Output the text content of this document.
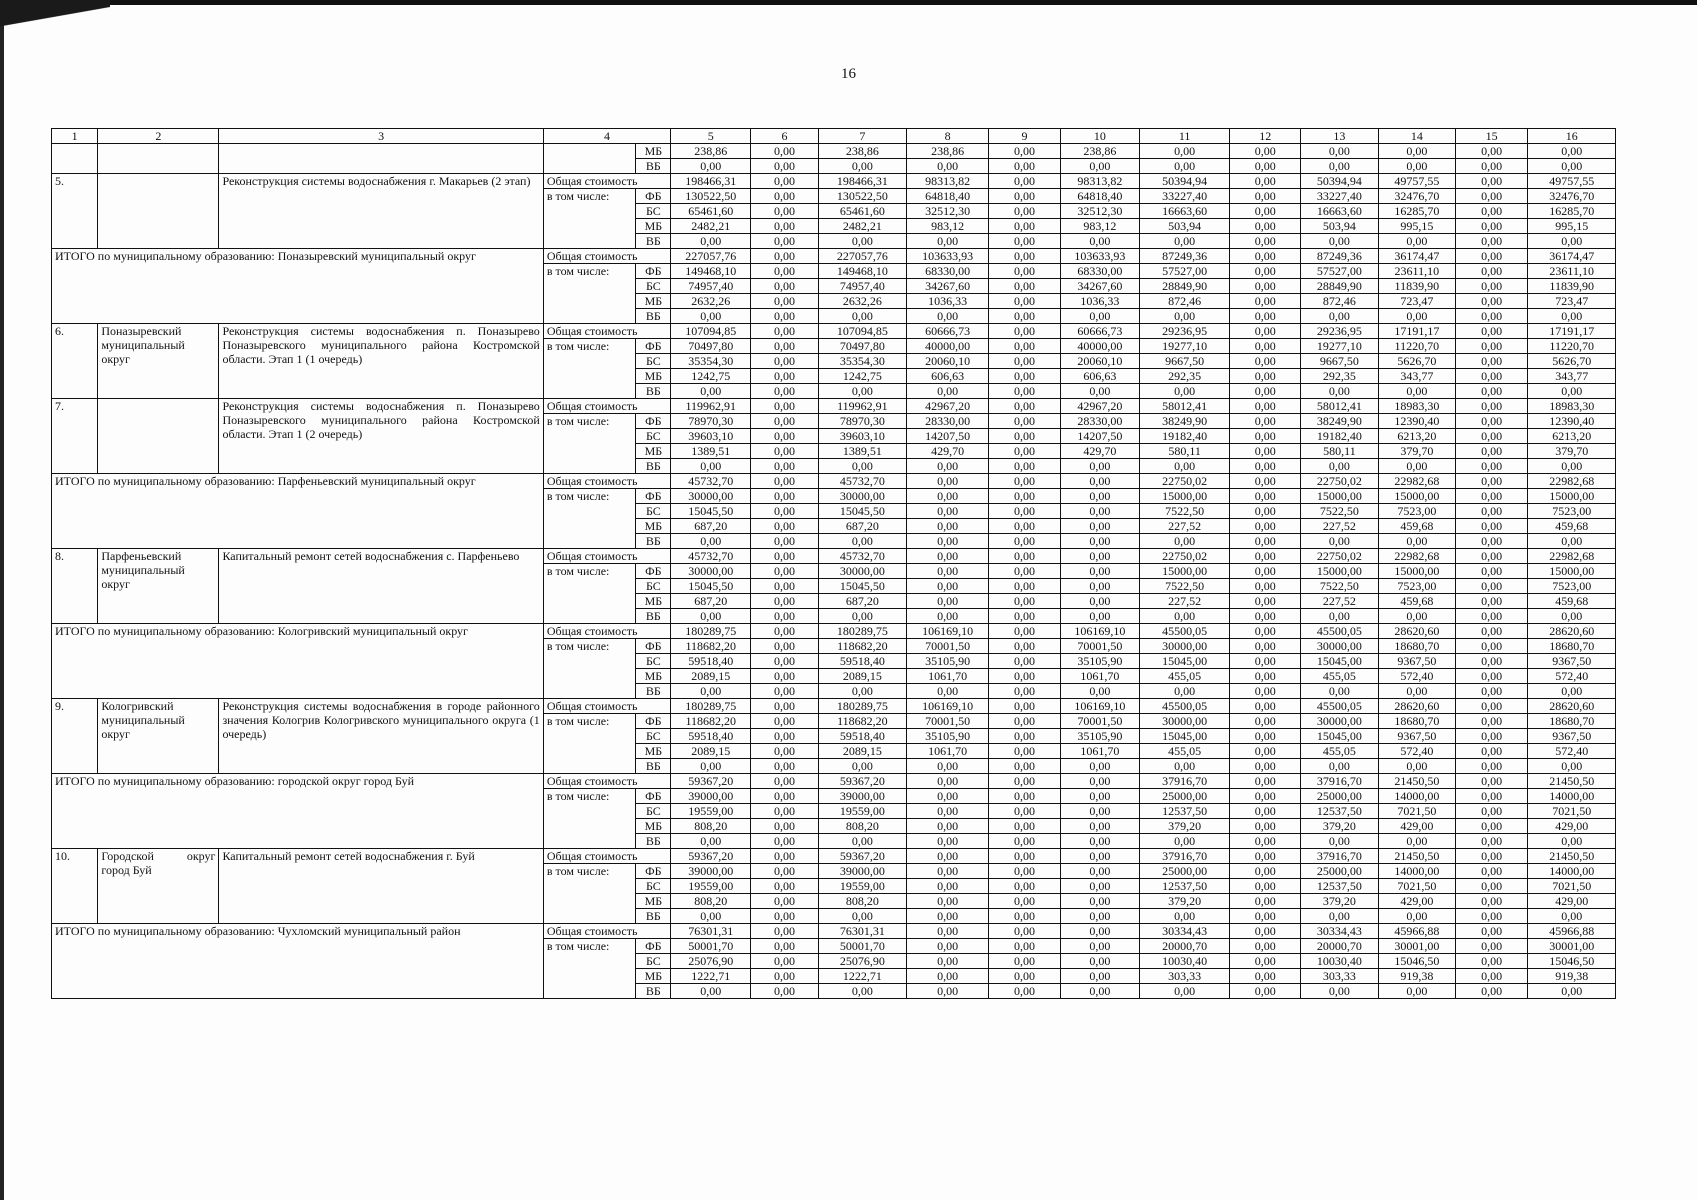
16
1	2	3	4		5	6	7	8	9	10	11	12	13	14	15	16
				МБ	238,86	0,00	238,86	238,86	0,00	238,86	0,00	0,00	0,00	0,00	0,00	0,00
				ВБ	0,00	0,00	0,00	0,00	0,00	0,00	0,00	0,00	0,00	0,00	0,00	0,00
5.		Реконструкция системы водоснабжения г. Макарьев (2 этап)	Общая стоимость		198466,31	0,00	198466,31	98313,82	0,00	98313,82	50394,94	0,00	50394,94	49757,55	0,00	49757,55
			в том числе:	ФБ	130522,50	0,00	130522,50	64818,40	0,00	64818,40	33227,40	0,00	33227,40	32476,70	0,00	32476,70
				БС	65461,60	0,00	65461,60	32512,30	0,00	32512,30	16663,60	0,00	16663,60	16285,70	0,00	16285,70
				МБ	2482,21	0,00	2482,21	983,12	0,00	983,12	503,94	0,00	503,94	995,15	0,00	995,15
				ВБ	0,00	0,00	0,00	0,00	0,00	0,00	0,00	0,00	0,00	0,00	0,00	0,00
ИТОГО по муниципальному образованию: Поназыревский муниципальный округ			Общая стоимость		227057,76	0,00	227057,76	103633,93	0,00	103633,93	87249,36	0,00	87249,36	36174,47	0,00	36174,47
			в том числе:	ФБ	149468,10	0,00	149468,10	68330,00	0,00	68330,00	57527,00	0,00	57527,00	23611,10	0,00	23611,10
				БС	74957,40	0,00	74957,40	34267,60	0,00	34267,60	28849,90	0,00	28849,90	11839,90	0,00	11839,90
				МБ	2632,26	0,00	2632,26	1036,33	0,00	1036,33	872,46	0,00	872,46	723,47	0,00	723,47
				ВБ	0,00	0,00	0,00	0,00	0,00	0,00	0,00	0,00	0,00	0,00	0,00	0,00
6.	Поназыревский муниципальный округ	Реконструкция системы водоснабжения п. Поназырево Поназыревского муниципального района Костромской области. Этап 1 (1 очередь)	Общая стоимость		107094,85	0,00	107094,85	60666,73	0,00	60666,73	29236,95	0,00	29236,95	17191,17	0,00	17191,17
			в том числе:	ФБ	70497,80	0,00	70497,80	40000,00	0,00	40000,00	19277,10	0,00	19277,10	11220,70	0,00	11220,70
				БС	35354,30	0,00	35354,30	20060,10	0,00	20060,10	9667,50	0,00	9667,50	5626,70	0,00	5626,70
				МБ	1242,75	0,00	1242,75	606,63	0,00	606,63	292,35	0,00	292,35	343,77	0,00	343,77
				ВБ	0,00	0,00	0,00	0,00	0,00	0,00	0,00	0,00	0,00	0,00	0,00	0,00
7.		Реконструкция системы водоснабжения п. Поназырево Поназыревского муниципального района Костромской области. Этап 1 (2 очередь)	Общая стоимость		119962,91	0,00	119962,91	42967,20	0,00	42967,20	58012,41	0,00	58012,41	18983,30	0,00	18983,30
			в том числе:	ФБ	78970,30	0,00	78970,30	28330,00	0,00	28330,00	38249,90	0,00	38249,90	12390,40	0,00	12390,40
				БС	39603,10	0,00	39603,10	14207,50	0,00	14207,50	19182,40	0,00	19182,40	6213,20	0,00	6213,20
				МБ	1389,51	0,00	1389,51	429,70	0,00	429,70	580,11	0,00	580,11	379,70	0,00	379,70
				ВБ	0,00	0,00	0,00	0,00	0,00	0,00	0,00	0,00	0,00	0,00	0,00	0,00
ИТОГО по муниципальному образованию: Парфеньевский муниципальный округ			Общая стоимость		45732,70	0,00	45732,70	0,00	0,00	0,00	22750,02	0,00	22750,02	22982,68	0,00	22982,68
			в том числе:	ФБ	30000,00	0,00	30000,00	0,00	0,00	0,00	15000,00	0,00	15000,00	15000,00	0,00	15000,00
				БС	15045,50	0,00	15045,50	0,00	0,00	0,00	7522,50	0,00	7522,50	7523,00	0,00	7523,00
				МБ	687,20	0,00	687,20	0,00	0,00	0,00	227,52	0,00	227,52	459,68	0,00	459,68
				ВБ	0,00	0,00	0,00	0,00	0,00	0,00	0,00	0,00	0,00	0,00	0,00	0,00
8.	Парфеньевский муниципальный округ	Капитальный ремонт сетей водоснабжения с. Парфеньево	Общая стоимость		45732,70	0,00	45732,70	0,00	0,00	0,00	22750,02	0,00	22750,02	22982,68	0,00	22982,68
			в том числе:	ФБ	30000,00	0,00	30000,00	0,00	0,00	0,00	15000,00	0,00	15000,00	15000,00	0,00	15000,00
				БС	15045,50	0,00	15045,50	0,00	0,00	0,00	7522,50	0,00	7522,50	7523,00	0,00	7523,00
				МБ	687,20	0,00	687,20	0,00	0,00	0,00	227,52	0,00	227,52	459,68	0,00	459,68
				ВБ	0,00	0,00	0,00	0,00	0,00	0,00	0,00	0,00	0,00	0,00	0,00	0,00
ИТОГО по муниципальному образованию: Кологривский муниципальный округ			Общая стоимость		180289,75	0,00	180289,75	106169,10	0,00	106169,10	45500,05	0,00	45500,05	28620,60	0,00	28620,60
			в том числе:	ФБ	118682,20	0,00	118682,20	70001,50	0,00	70001,50	30000,00	0,00	30000,00	18680,70	0,00	18680,70
				БС	59518,40	0,00	59518,40	35105,90	0,00	35105,90	15045,00	0,00	15045,00	9367,50	0,00	9367,50
				МБ	2089,15	0,00	2089,15	1061,70	0,00	1061,70	455,05	0,00	455,05	572,40	0,00	572,40
				ВБ	0,00	0,00	0,00	0,00	0,00	0,00	0,00	0,00	0,00	0,00	0,00	0,00
9.	Кологривский муниципальный округ	Реконструкция системы водоснабжения в городе районного значения Кологрив Кологривского муниципального округа (1 очередь)	Общая стоимость		180289,75	0,00	180289,75	106169,10	0,00	106169,10	45500,05	0,00	45500,05	28620,60	0,00	28620,60
			в том числе:	ФБ	118682,20	0,00	118682,20	70001,50	0,00	70001,50	30000,00	0,00	30000,00	18680,70	0,00	18680,70
				БС	59518,40	0,00	59518,40	35105,90	0,00	35105,90	15045,00	0,00	15045,00	9367,50	0,00	9367,50
				МБ	2089,15	0,00	2089,15	1061,70	0,00	1061,70	455,05	0,00	455,05	572,40	0,00	572,40
				ВБ	0,00	0,00	0,00	0,00	0,00	0,00	0,00	0,00	0,00	0,00	0,00	0,00
ИТОГО по муниципальному образованию: городской округ город Буй			Общая стоимость		59367,20	0,00	59367,20	0,00	0,00	0,00	37916,70	0,00	37916,70	21450,50	0,00	21450,50
			в том числе:	ФБ	39000,00	0,00	39000,00	0,00	0,00	0,00	25000,00	0,00	25000,00	14000,00	0,00	14000,00
				БС	19559,00	0,00	19559,00	0,00	0,00	0,00	12537,50	0,00	12537,50	7021,50	0,00	7021,50
				МБ	808,20	0,00	808,20	0,00	0,00	0,00	379,20	0,00	379,20	429,00	0,00	429,00
				ВБ	0,00	0,00	0,00	0,00	0,00	0,00	0,00	0,00	0,00	0,00	0,00	0,00
10.	Городской округ город Буй	Капитальный ремонт сетей водоснабжения г. Буй	Общая стоимость		59367,20	0,00	59367,20	0,00	0,00	0,00	37916,70	0,00	37916,70	21450,50	0,00	21450,50
			в том числе:	ФБ	39000,00	0,00	39000,00	0,00	0,00	0,00	25000,00	0,00	25000,00	14000,00	0,00	14000,00
				БС	19559,00	0,00	19559,00	0,00	0,00	0,00	12537,50	0,00	12537,50	7021,50	0,00	7021,50
				МБ	808,20	0,00	808,20	0,00	0,00	0,00	379,20	0,00	379,20	429,00	0,00	429,00
				ВБ	0,00	0,00	0,00	0,00	0,00	0,00	0,00	0,00	0,00	0,00	0,00	0,00
ИТОГО по муниципальному образованию: Чухломский муниципальный район			Общая стоимость		76301,31	0,00	76301,31	0,00	0,00	0,00	30334,43	0,00	30334,43	45966,88	0,00	45966,88
			в том числе:	ФБ	50001,70	0,00	50001,70	0,00	0,00	0,00	20000,70	0,00	20000,70	30001,00	0,00	30001,00
				БС	25076,90	0,00	25076,90	0,00	0,00	0,00	10030,40	0,00	10030,40	15046,50	0,00	15046,50
				МБ	1222,71	0,00	1222,71	0,00	0,00	0,00	303,33	0,00	303,33	919,38	0,00	919,38
				ВБ	0,00	0,00	0,00	0,00	0,00	0,00	0,00	0,00	0,00	0,00	0,00	0,00
